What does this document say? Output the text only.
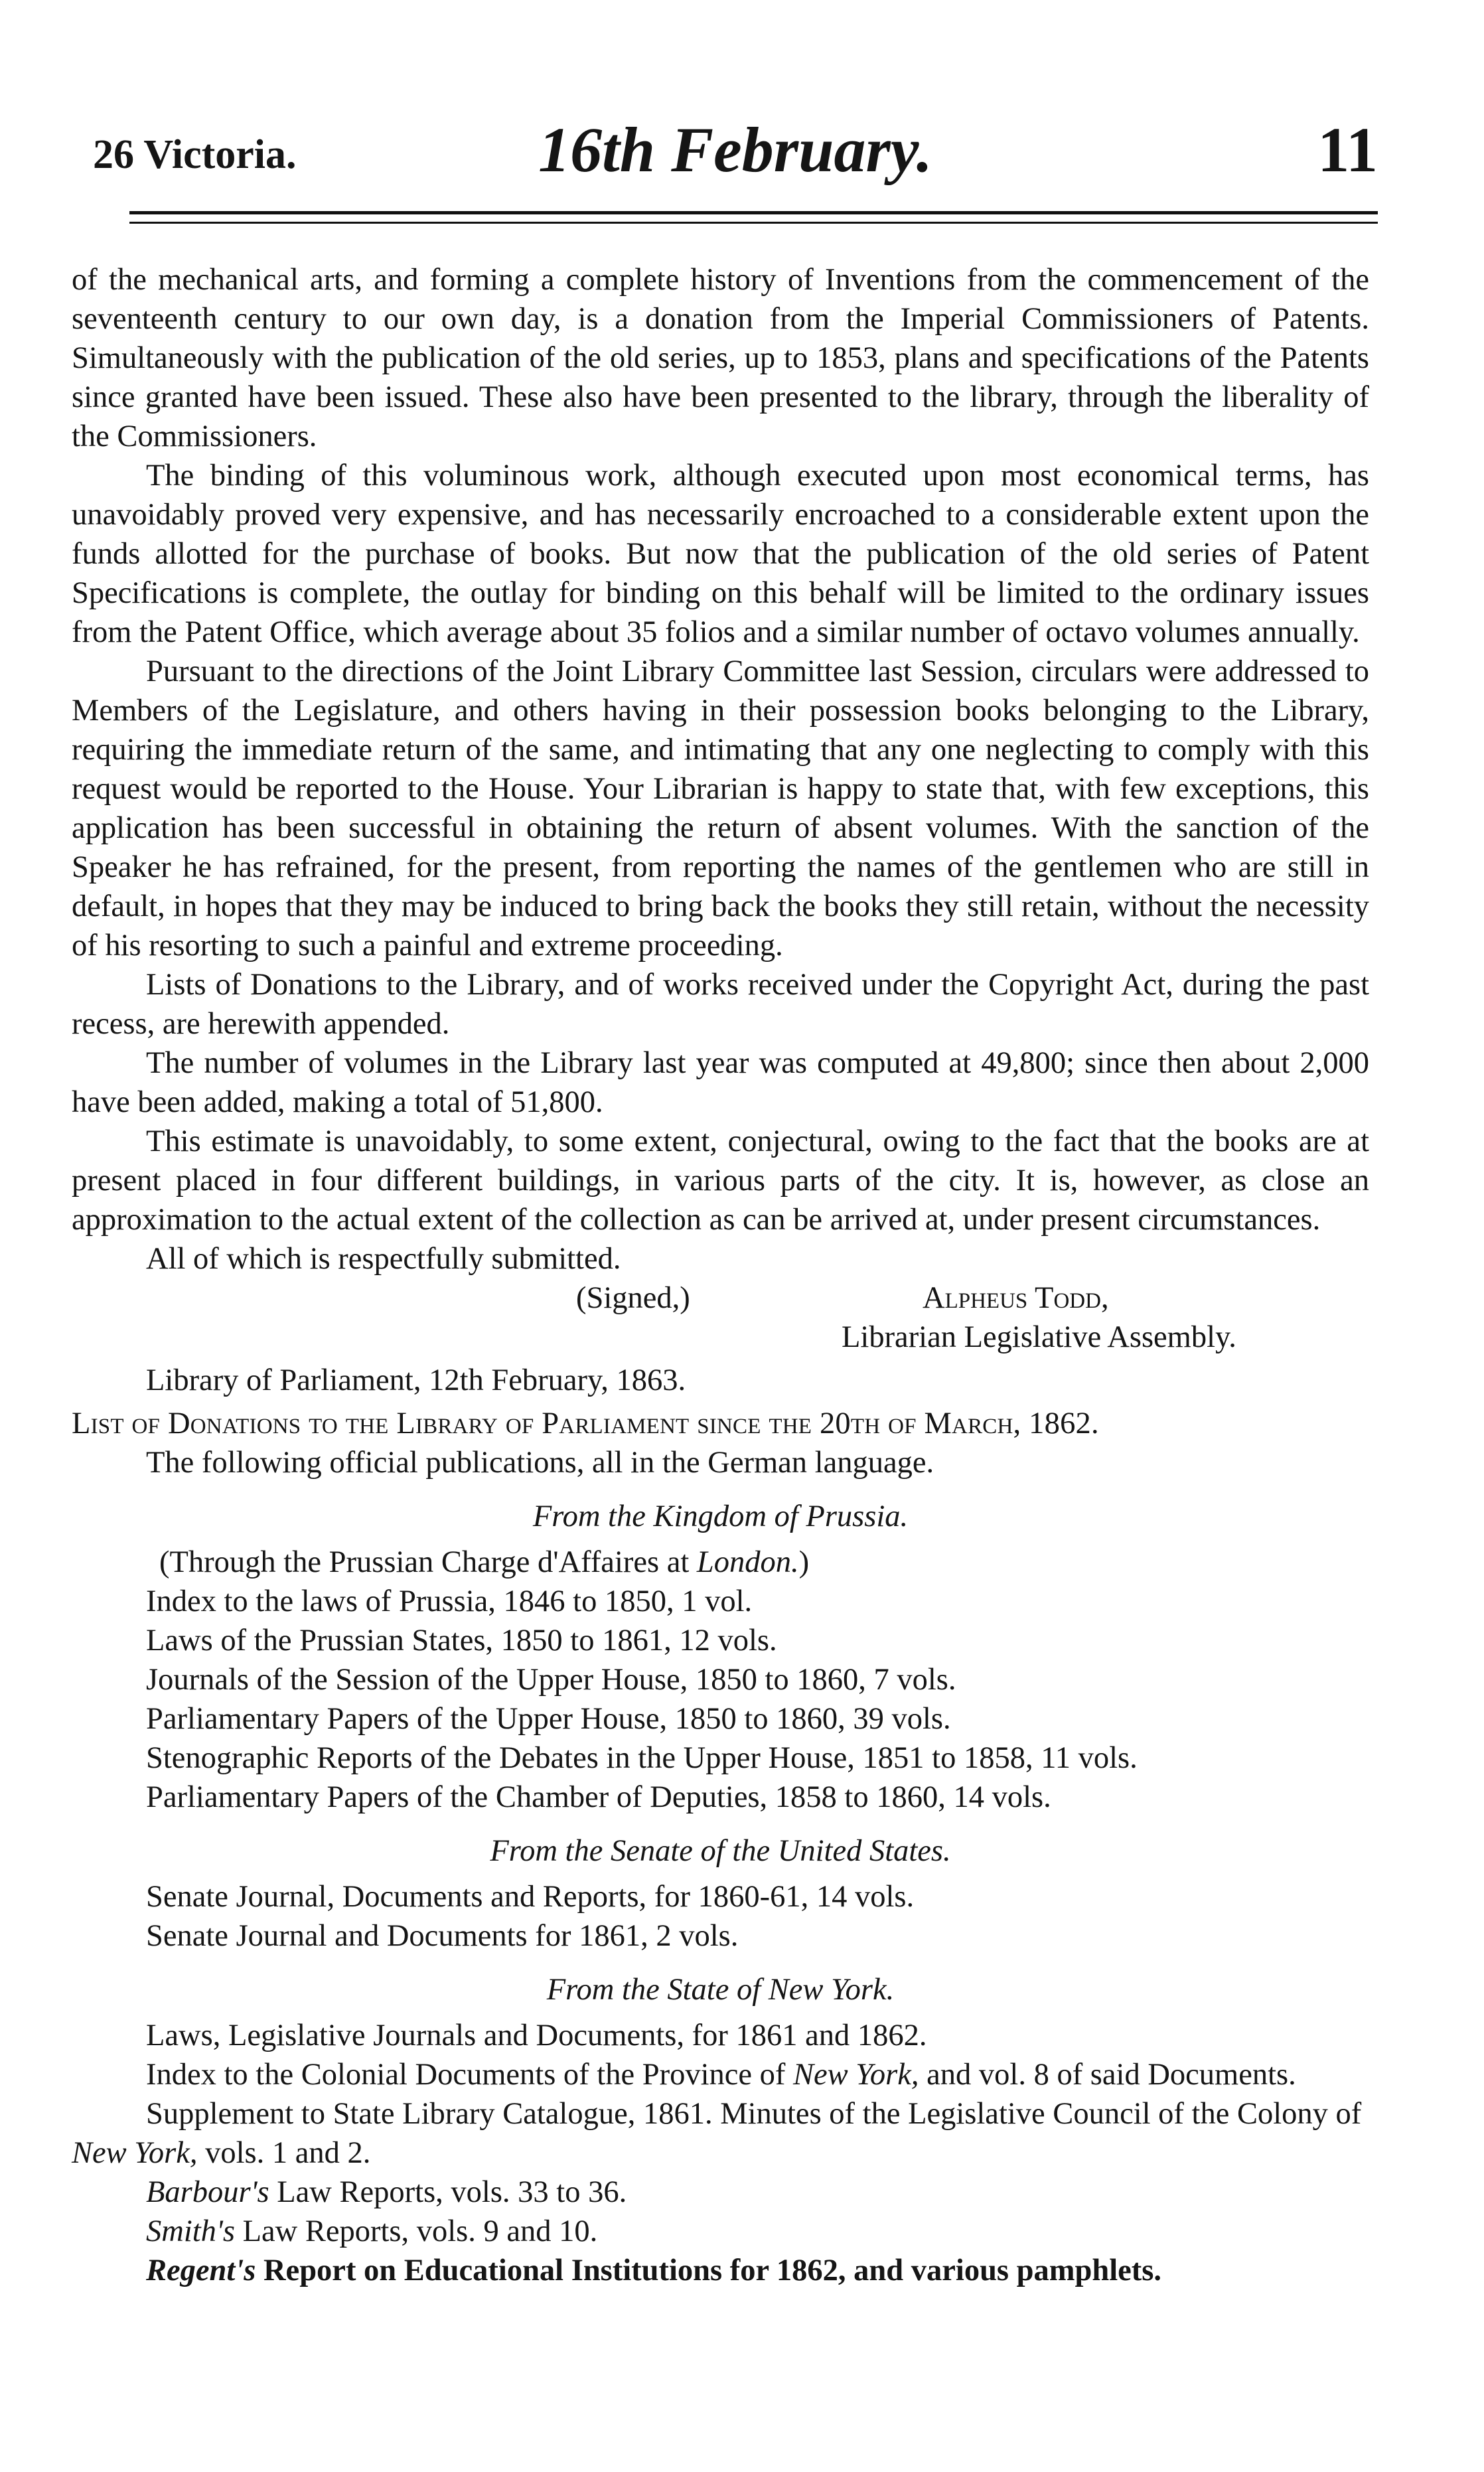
26 Victoria.	16th February.	11

of the mechanical arts, and forming a complete history of Inventions from the commencement of the seventeenth century to our own day, is a donation from the Imperial Commissioners of Patents. Simultaneously with the publication of the old series, up to 1853, plans and specifications of the Patents since granted have been issued. These also have been presented to the library, through the liberality of the Commissioners.

The binding of this voluminous work, although executed upon most economical terms, has unavoidably proved very expensive, and has necessarily encroached to a considerable extent upon the funds allotted for the purchase of books. But now that the publication of the old series of Patent Specifications is complete, the outlay for binding on this behalf will be limited to the ordinary issues from the Patent Office, which average about 35 folios and a similar number of octavo volumes annually.

Pursuant to the directions of the Joint Library Committee last Session, circulars were addressed to Members of the Legislature, and others having in their possession books belonging to the Library, requiring the immediate return of the same, and intimating that any one neglecting to comply with this request would be reported to the House. Your Librarian is happy to state that, with few exceptions, this application has been successful in obtaining the return of absent volumes. With the sanction of the Speaker he has refrained, for the present, from reporting the names of the gentlemen who are still in default, in hopes that they may be induced to bring back the books they still retain, without the necessity of his resorting to such a painful and extreme proceeding.

Lists of Donations to the Library, and of works received under the Copyright Act, during the past recess, are herewith appended.

The number of volumes in the Library last year was computed at 49,800; since then about 2,000 have been added, making a total of 51,800.

This estimate is unavoidably, to some extent, conjectural, owing to the fact that the books are at present placed in four different buildings, in various parts of the city. It is, however, as close an approximation to the actual extent of the collection as can be arrived at, under present circumstances.

All of which is respectfully submitted.

(Signed,)	Alpheus Todd,
Librarian Legislative Assembly.
Library of Parliament, 12th February, 1863.
List of Donations to the Library of Parliament since the 20th of March, 1862.
The following official publications, all in the German language.
From the Kingdom of Prussia.
(Through the Prussian Charge d'Affaires at London.)
Index to the laws of Prussia, 1846 to 1850, 1 vol.
Laws of the Prussian States, 1850 to 1861, 12 vols.
Journals of the Session of the Upper House, 1850 to 1860, 7 vols.
Parliamentary Papers of the Upper House, 1850 to 1860, 39 vols.
Stenographic Reports of the Debates in the Upper House, 1851 to 1858, 11 vols.
Parliamentary Papers of the Chamber of Deputies, 1858 to 1860, 14 vols.
From the Senate of the United States.
Senate Journal, Documents and Reports, for 1860-61, 14 vols.
Senate Journal and Documents for 1861, 2 vols.
From the State of New York.
Laws, Legislative Journals and Documents, for 1861 and 1862.
Index to the Colonial Documents of the Province of New York, and vol. 8 of said Documents.
Supplement to State Library Catalogue, 1861. Minutes of the Legislative Council of the Colony of New York, vols. 1 and 2.
Barbour's Law Reports, vols. 33 to 36.
Smith's Law Reports, vols. 9 and 10.
Regent's Report on Educational Institutions for 1862, and various pamphlets.
